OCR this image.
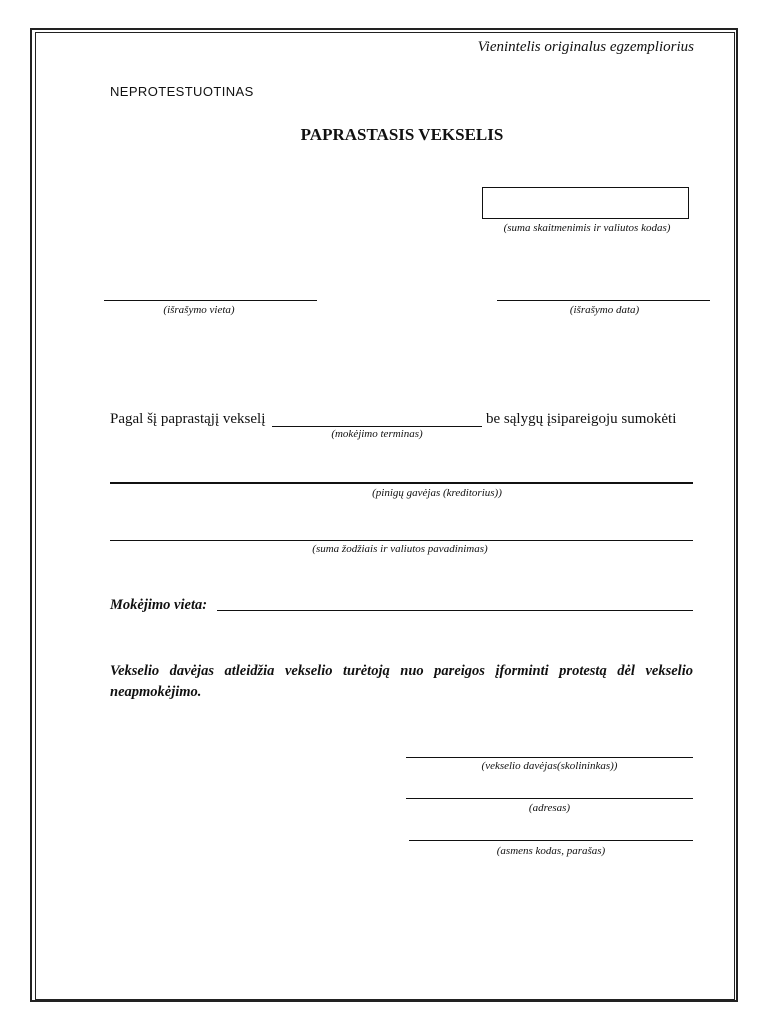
Vienintelis originalus egzempliorius
NEPROTESTUOTINAS
PAPRASTASIS VEKSELIS
(suma skaitmenimis ir valiutos kodas)
(išrašymo vieta)	(išrašymo data)
Pagal šį paprastąjį vekselį	be sąlygų įsipareigoju sumokėti
(mokėjimo terminas)
(pinigų gavėjas (kreditorius))
(suma žodžiais ir valiutos pavadinimas)
Mokėjimo vieta:
Vekselio davėjas atleidžia vekselio turėtoją nuo pareigos įforminti protestą dėl vekselio neapmokėjimo.
(vekselio davėjas(skolininkas))
(adresas)
(asmens kodas, parašas)
